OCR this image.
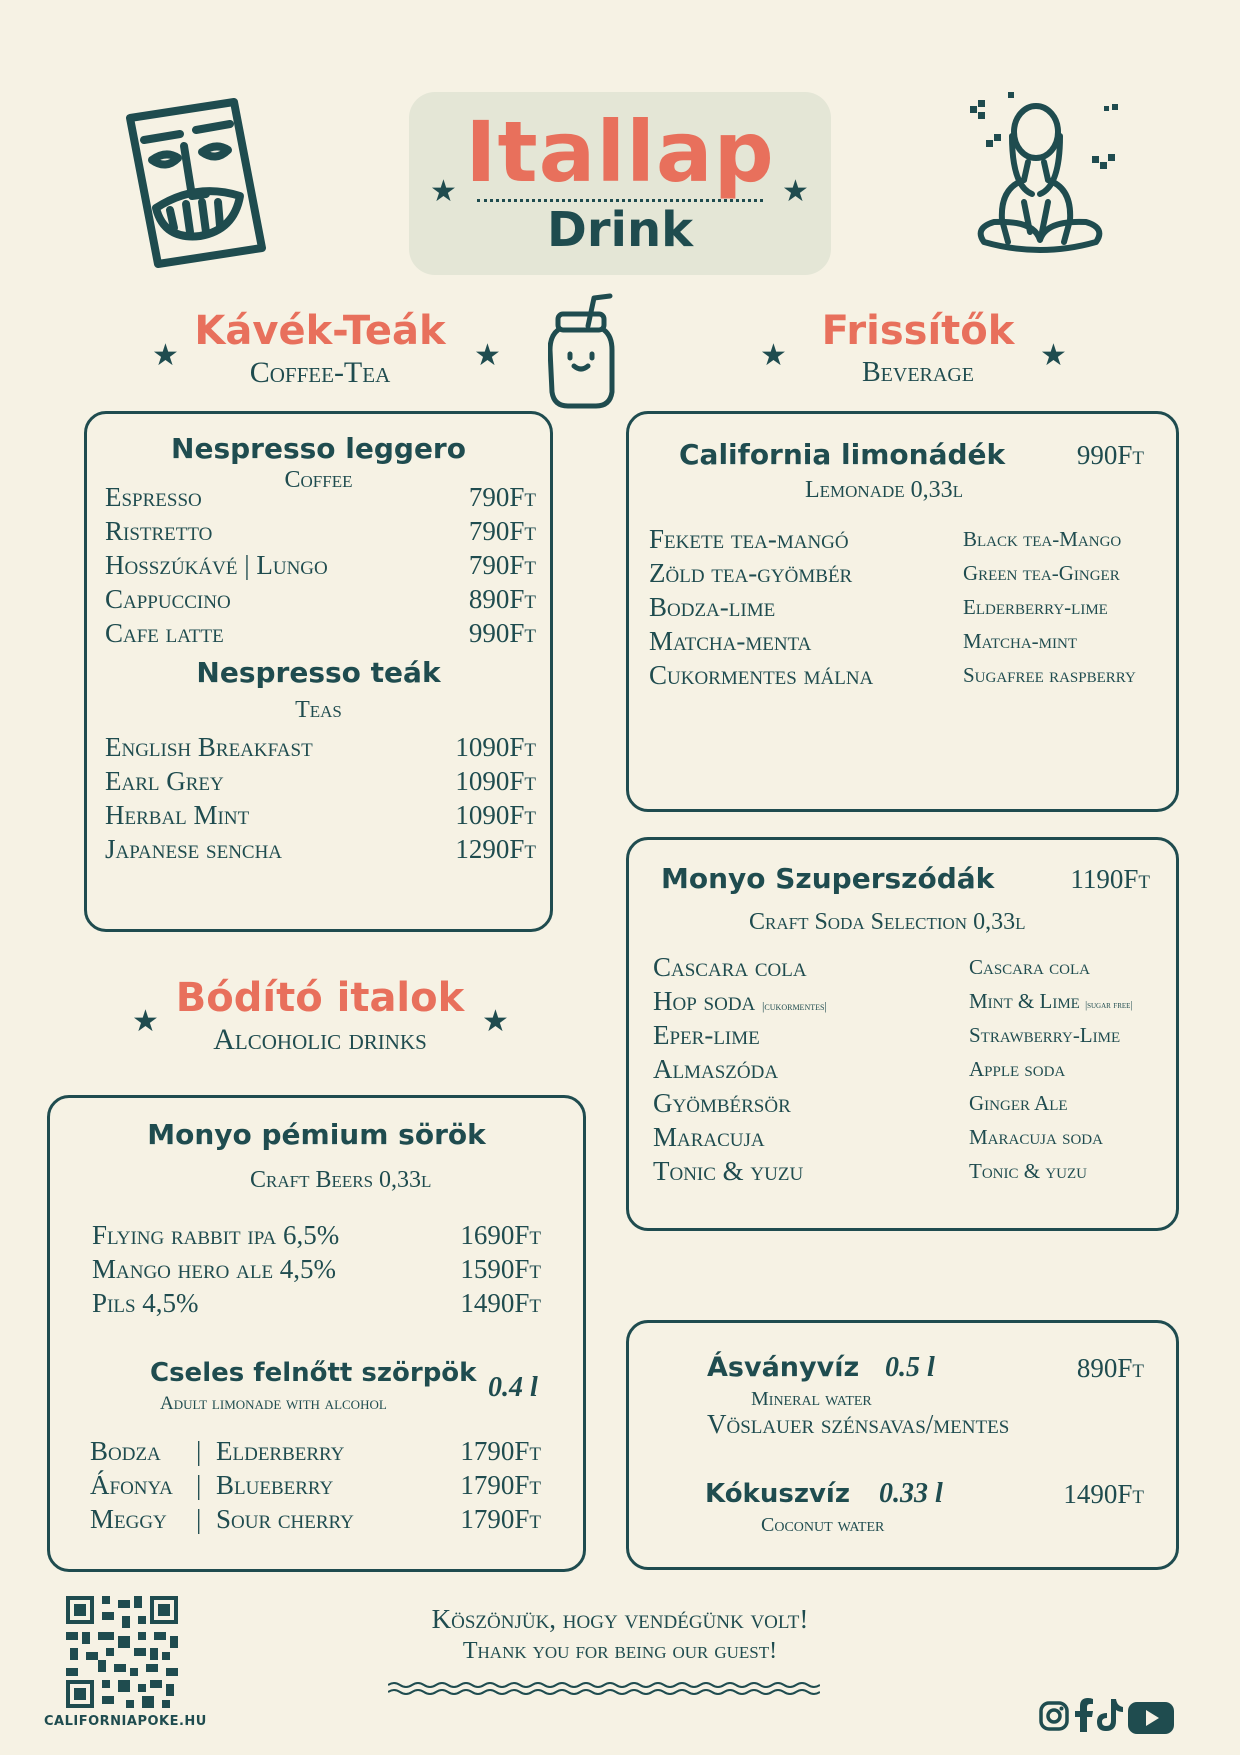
Itallap
Drink
★	★
Kávék-Teák
Coffee-Tea
★	★
Frissítők
Beverage
★	★
Nespresso leggero
Coffee
Espresso	790Ft
Ristretto	790Ft
Hosszúkávé | Lungo	790Ft
Cappuccino	890Ft
Cafe latte	990Ft
Nespresso teák
Teas
English Breakfast	1090Ft
Earl Grey	1090Ft
Herbal Mint	1090Ft
Japanese sencha	1290Ft
California limonádék	990Ft
Lemonade 0,33l
Fekete tea-mangó	Black tea-Mango
Zöld tea-gyömbér	Green tea-Ginger
Bodza-lime	Elderberry-lime
Matcha-menta	Matcha-mint
Cukormentes málna	Sugafree raspberry
Monyo Szuperszódák	1190Ft
Craft Soda Selection 0,33l
Cascara cola	Cascara cola
Hop soda |cukormentes|	Mint & Lime |sugar free|
Eper-lime	Strawberry-Lime
Almaszóda	Apple soda
Gyömbérsör	Ginger Ale
Maracuja	Maracuja soda
Tonic & yuzu	Tonic & yuzu
Bódító italok
Alcoholic drinks
★	★
Monyo pémium sörök
Craft Beers 0,33l
Flying rabbit ipa 6,5%	1690Ft
Mango hero ale 4,5%	1590Ft
Pils 4,5%	1490Ft
Cseles felnőtt szörpök 0.4 l
Adult limonade with alcohol
Bodza | Elderberry	1790Ft
Áfonya | Blueberry	1790Ft
Meggy | Sour cherry	1790Ft
Ásványvíz 0.5 l	890Ft
Mineral water
Vöslauer szénsavas/mentes
Kókuszvíz 0.33 l	1490Ft
Coconut water
CALIFORNIAPOKE.HU
Köszönjük, hogy vendégünk volt!
Thank you for being our guest!
